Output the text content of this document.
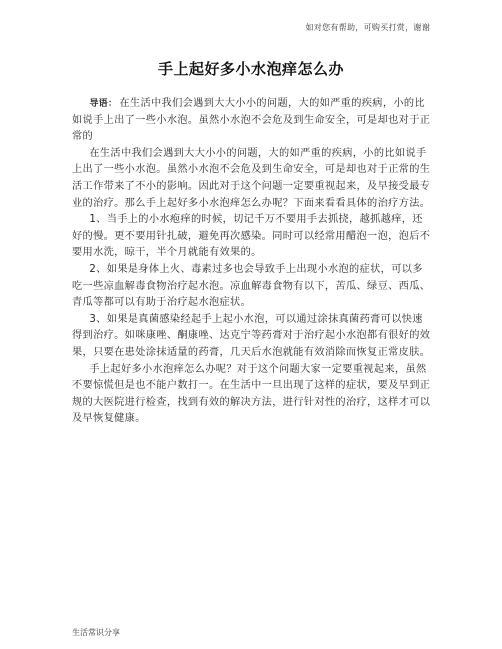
如对您有帮助，可购买打赏，谢谢
手上起好多小水泡痒怎么办

导语： 在生活中我们会遇到大大小小的问题，大的如严重的疾病，小的比如说手上出了一些小水泡。虽然小水泡不会危及到生命安全，可是却也对于正常的

在生活中我们会遇到大大小小的问题，大的如严重的疾病，小的比如说手上出了一些小水泡。虽然小水泡不会危及到生命安全，可是却也对于正常的生活工作带来了不小的影响。因此对于这个问题一定要重视起来，及早接受最专业的治疗。那么手上起好多小水泡痒怎么办呢？下面来看看具体的治疗方法。

1、当手上的小水疱痒的时候，切记千万不要用手去抓挠，越抓越痒，还好的慢。更不要用针扎破，避免再次感染。同时可以经常用醋泡一泡，泡后不要用水洗，晾干，半个月就能有效果的。

2、如果是身体上火、毒素过多也会导致手上出现小水泡的症状，可以多吃一些凉血解毒食物治疗起水泡。凉血解毒食物有以下，苦瓜、绿豆、西瓜、青瓜等都可以有助于治疗起水泡症状。

3、如果是真菌感染经起手上起小水泡，可以通过涂抹真菌药膏可以快速得到治疗。如咪康唑、酮康唑、达克宁等药膏对于治疗起小水泡都有很好的效果，只要在患处涂抹适量的药膏，几天后水泡就能有效消除而恢复正常皮肤。

手上起好多小水泡痒怎么办呢？对于这个问题大家一定要重视起来，虽然不要惊慌但是也不能户数打一。在生活中一旦出现了这样的症状，要及早到正规的大医院进行检查，找到有效的解决方法，进行针对性的治疗，这样才可以及早恢复健康。

生活常识分享
